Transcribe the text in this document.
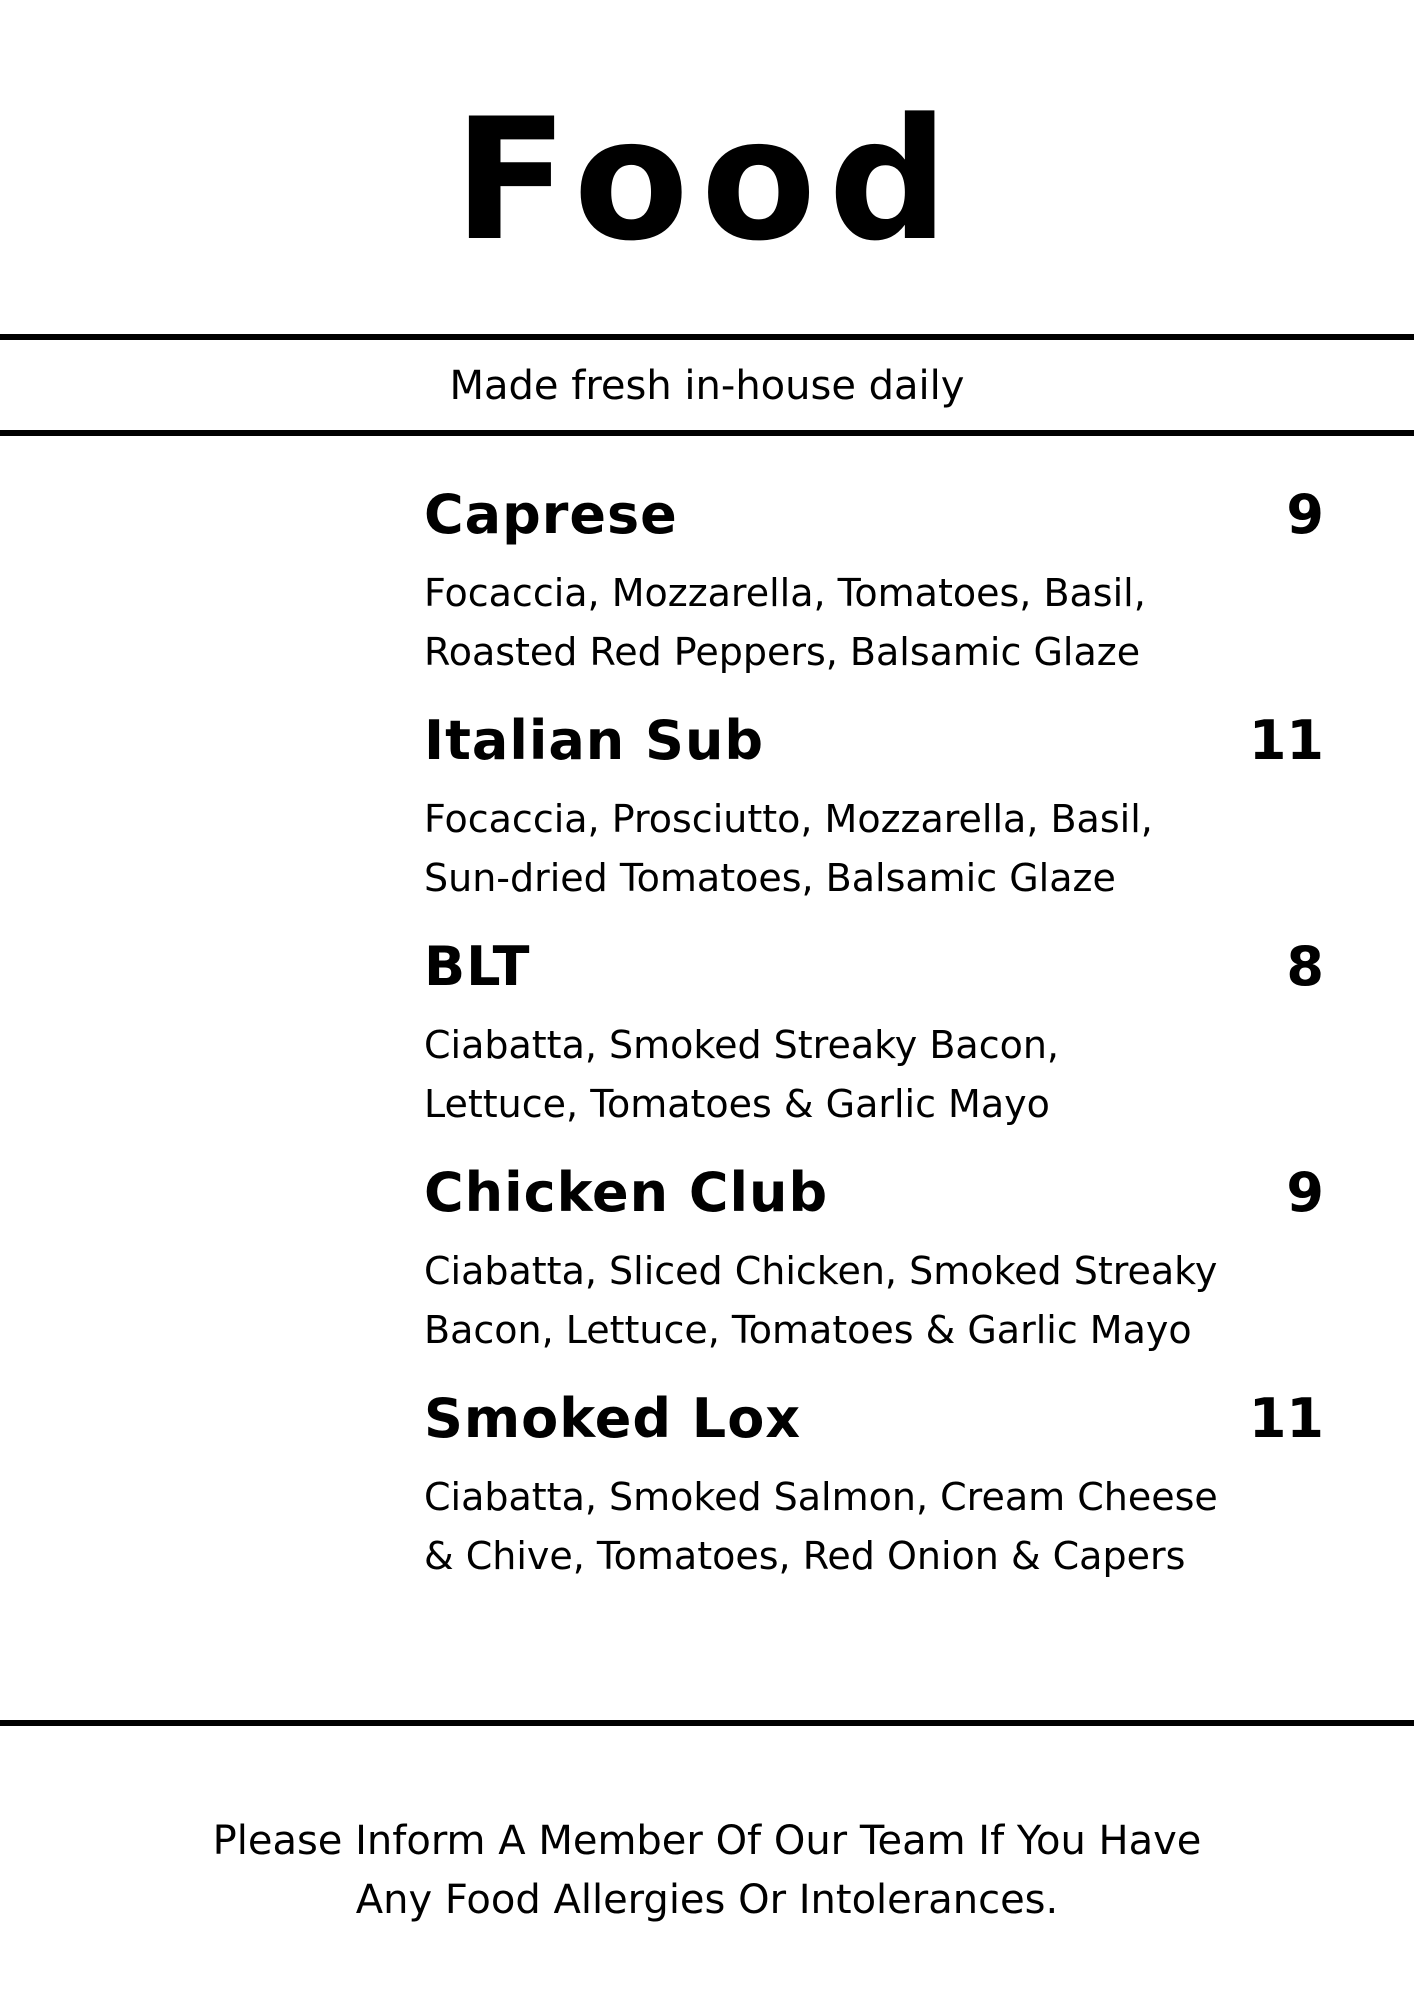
Food

Made fresh in-house daily

Caprese	9
Focaccia, Mozzarella, Tomatoes, Basil,
Roasted Red Peppers, Balsamic Glaze
Italian Sub	11
Focaccia, Prosciutto, Mozzarella, Basil,
Sun-dried Tomatoes, Balsamic Glaze
BLT	8
Ciabatta, Smoked Streaky Bacon,
Lettuce, Tomatoes & Garlic Mayo
Chicken Club	9
Ciabatta, Sliced Chicken, Smoked Streaky
Bacon, Lettuce, Tomatoes & Garlic Mayo
Smoked Lox	11
Ciabatta, Smoked Salmon, Cream Cheese
& Chive, Tomatoes, Red Onion & Capers
Please Inform A Member Of Our Team If You Have
Any Food Allergies Or Intolerances.
